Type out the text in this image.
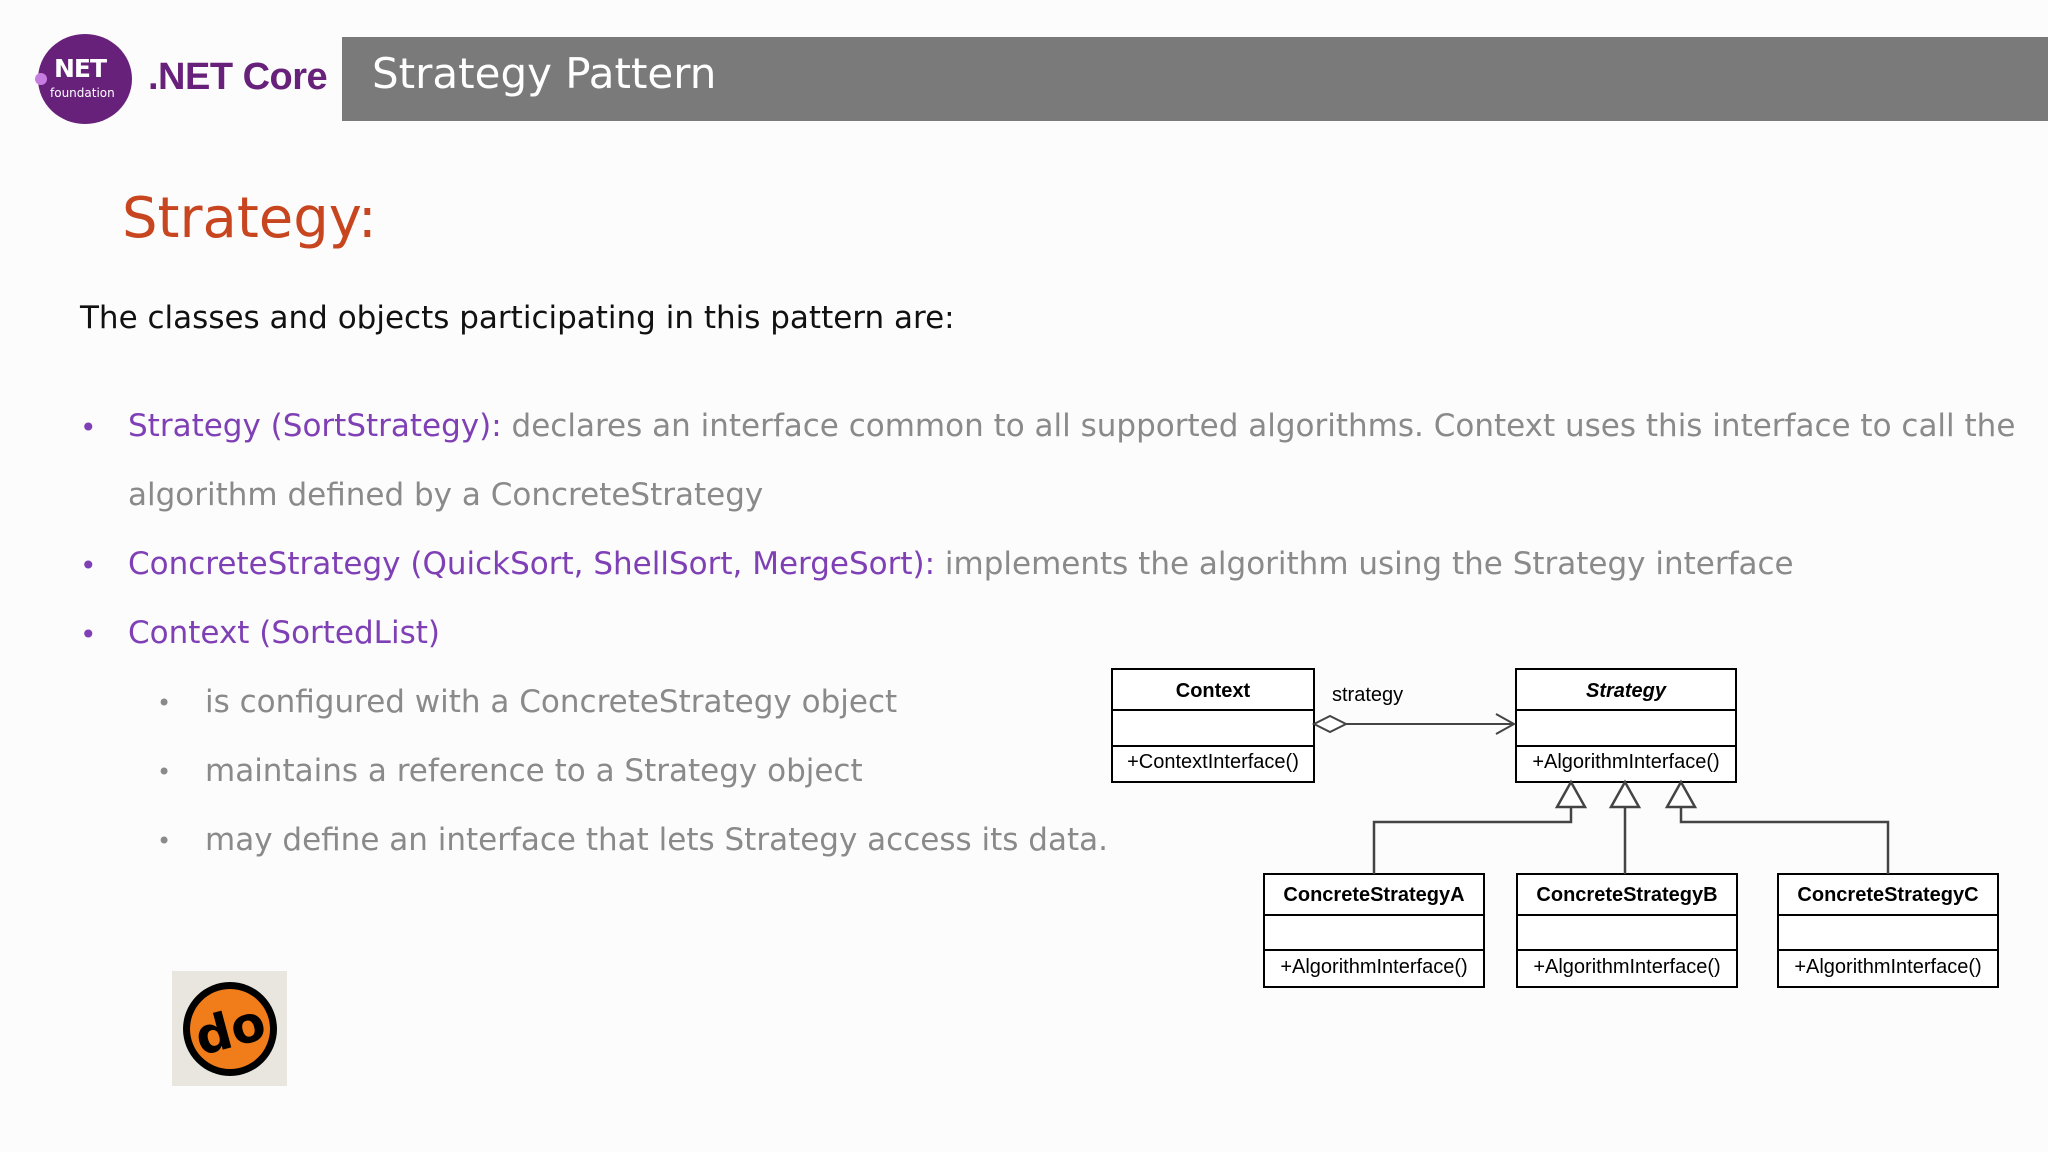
NET
foundation .NET Core Strategy Pattern
Strategy:
The classes and objects participating in this pattern are:
• Strategy (SortStrategy): declares an interface common to all supported algorithms. Context uses this interface to call the
algorithm defined by a ConcreteStrategy
• ConcreteStrategy (QuickSort, ShellSort, MergeSort): implements the algorithm using the Strategy interface
• Context (SortedList)
• is configured with a ConcreteStrategy object
• maintains a reference to a Strategy object
• may define an interface that lets Strategy access its data.
do
Context
+ContextInterface()
strategy	Strategy
+AlgorithmInterface()
ConcreteStrategyA
+AlgorithmInterface()
ConcreteStrategyB
+AlgorithmInterface()
ConcreteStrategyC
+AlgorithmInterface()
